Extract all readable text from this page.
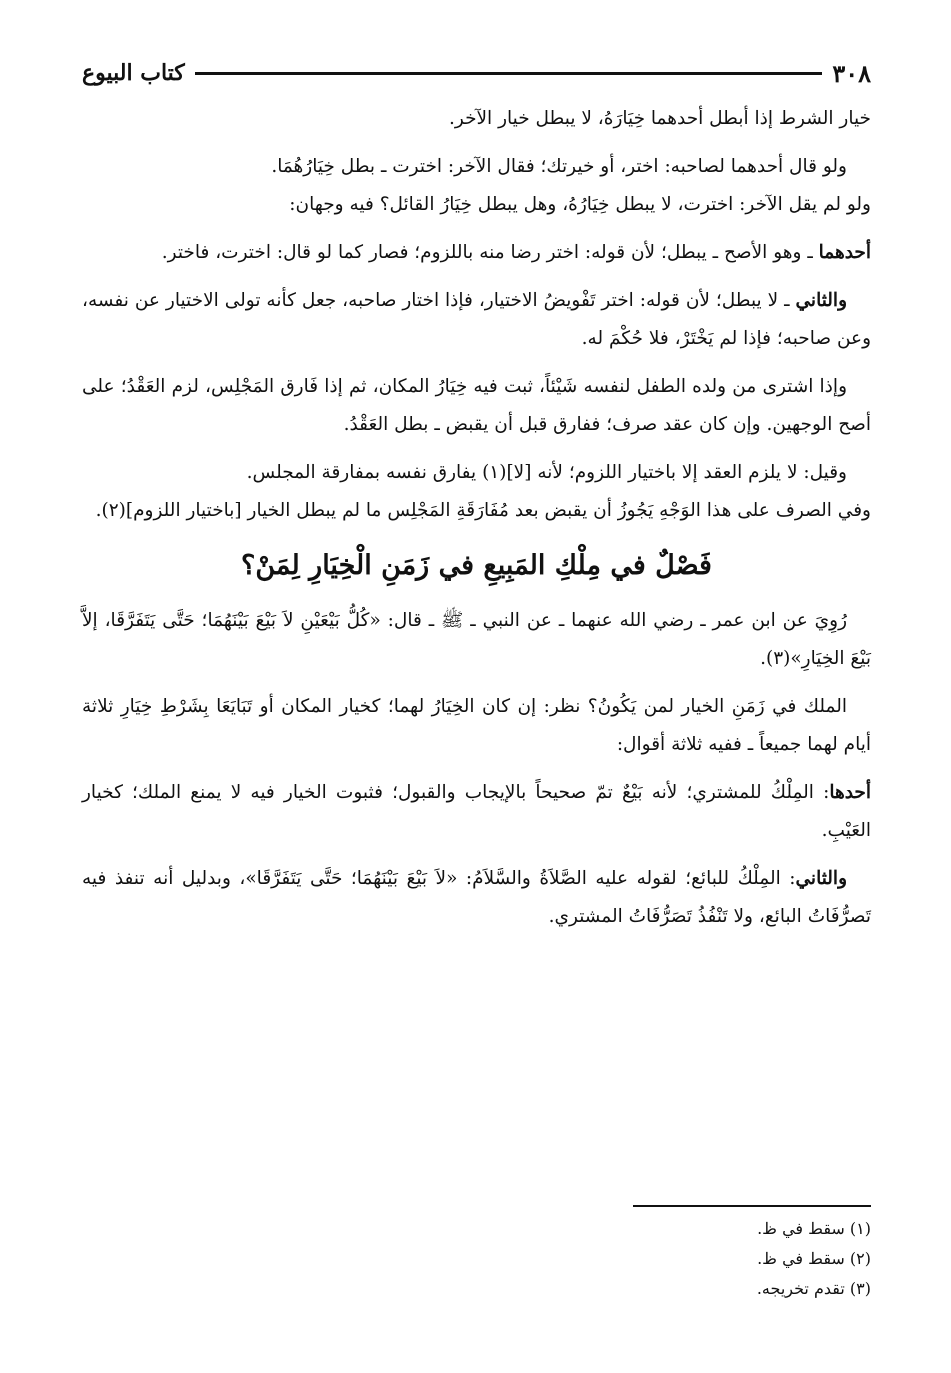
٣٠٨
كتاب البيوع

خيار الشرط إذا أبطل أحدهما خِيَارَهُ، لا يبطل خيار الآخر.

ولو قال أحدهما لصاحبه: اختر، أو خيرتك؛ فقال الآخر: اخترت ـ بطل خِيَارُهُمَا.

ولو لم يقل الآخر: اخترت، لا يبطل خِيَارُهُ، وهل يبطل خِيَارُ القائل؟ فيه وجهان:

أحدهما ـ وهو الأصح ـ يبطل؛ لأن قوله: اختر رضا منه باللزوم؛ فصار كما لو قال: اخترت، فاختر.

والثاني ـ لا يبطل؛ لأن قوله: اختر تَفْويضُ الاختيار، فإذا اختار صاحبه، جعل كأنه تولى الاختيار عن نفسه، وعن صاحبه؛ فإذا لم يَخْتَرْ، فلا حُكْمَ له.

وإذا اشترى من ولده الطفل لنفسه شَيْئاً، ثبت فيه خِيَارُ المكان، ثم إذا فَارق المَجْلِس، لزم العَقْدُ؛ على أصح الوجهين. وإن كان عقد صرف؛ ففارق قبل أن يقبض ـ بطل العَقْدُ.

وقيل: لا يلزم العقد إلا باختيار اللزوم؛ لأنه [لا](١) يفارق نفسه بمفارقة المجلس.

وفي الصرف على هذا الوَجْهِ يَجُوزُ أن يقبض بعد مُفَارَقَةِ المَجْلِس ما لم يبطل الخيار [باختيار اللزوم](٢).

فَصْلٌ في مِلْكِ المَبِيعِ في زَمَنِ الْخِيَارِ لِمَنْ؟

رُوِيَ عن ابن عمر ـ رضي الله عنهما ـ عن النبي ـ ﷺ ـ قال: «كُلُّ بَيْعَيْنِ لاَ بَيْعَ بَيْنَهُمَا؛ حَتَّى يَتَفَرَّقَا، إلاَّ بَيْعَ الخِيَارِ»(٣).

الملك في زَمَنِ الخيار لمن يَكُونُ؟ نظر: إن كان الخِيَارُ لهما؛ كخيار المكان أو تَبَايَعَا بِشَرْطِ خِيَارِ ثلاثة أيام لهما جميعاً ـ ففيه ثلاثة أقوال:

أحدها: المِلْكُ للمشتري؛ لأنه بَيْعٌ تمّ صحيحاً بالإيجاب والقبول؛ فثبوت الخيار فيه لا يمنع الملك؛ كخيار العَيْبِ.

والثاني: المِلْكُ للبائع؛ لقوله عليه الصَّلاَةُ والسَّلاَمُ: «لاَ بَيْعَ بَيْنَهُمَا؛ حَتَّى يَتَفَرَّقَا»، وبدليل أنه تنفذ فيه تَصرُّفَاتُ البائع، ولا تَنْفُذُ تَصَرُّفَاتُ المشتري.

(١) سقط في ظ.
(٢) سقط في ظ.
(٣) تقدم تخريجه.
